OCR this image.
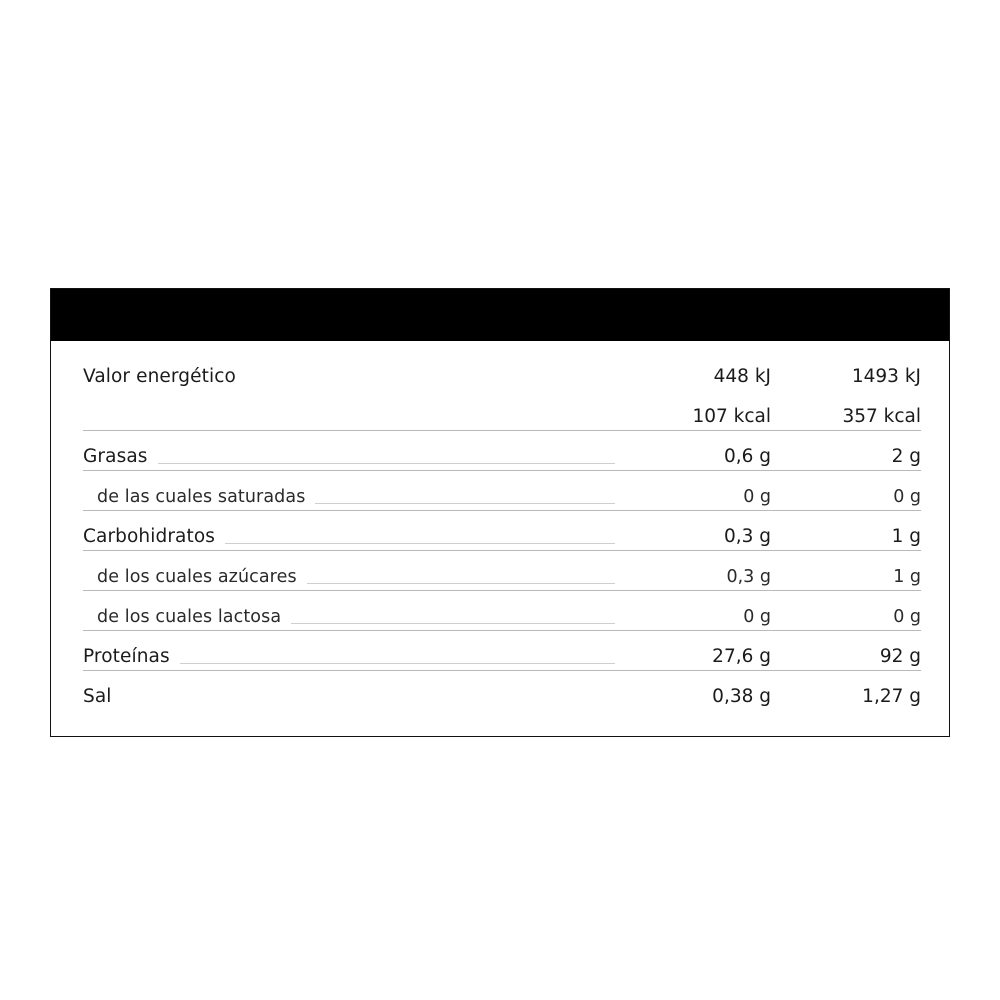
Valor energético	448 kJ	1493 kJ
107 kcal	357 kcal
Grasas	0,6 g	2 g
de las cuales saturadas	0 g	0 g
Carbohidratos	0,3 g	1 g
de los cuales azúcares	0,3 g	1 g
de los cuales lactosa	0 g	0 g
Proteínas	27,6 g	92 g
Sal	0,38 g	1,27 g
